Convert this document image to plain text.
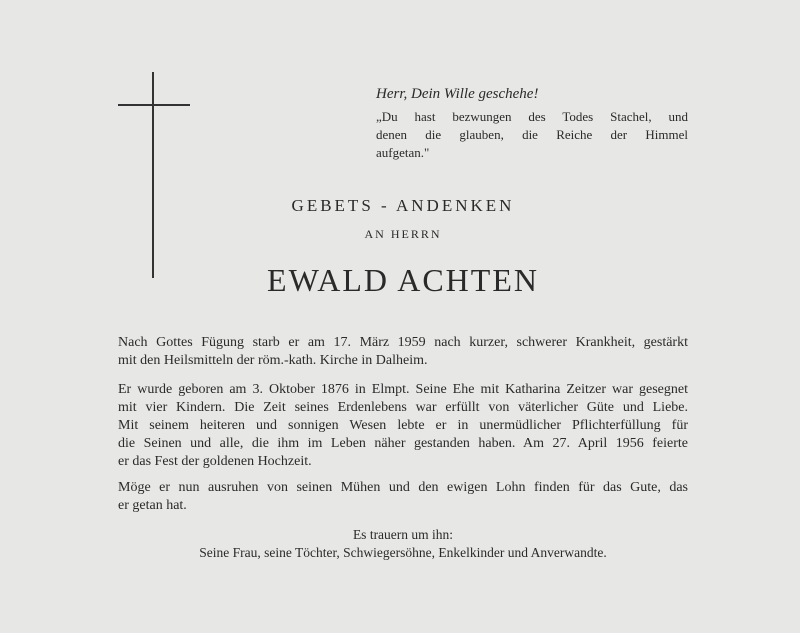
Herr, Dein Wille geschehe!
„Du hast bezwungen des Todes Stachel, und
denen die glauben, die Reiche der Himmel
aufgetan."
GEBETS - ANDENKEN
AN HERRN
EWALD ACHTEN
Nach Gottes Fügung starb er am 17. März 1959 nach kurzer, schwerer Krankheit, gestärkt
mit den Heilsmitteln der röm.-kath. Kirche in Dalheim.
Er wurde geboren am 3. Oktober 1876 in Elmpt. Seine Ehe mit Katharina Zeitzer war gesegnet
mit vier Kindern. Die Zeit seines Erdenlebens war erfüllt von väterlicher Güte und Liebe.
Mit seinem heiteren und sonnigen Wesen lebte er in unermüdlicher Pflichterfüllung für
die Seinen und alle, die ihm im Leben näher gestanden haben. Am 27. April 1956 feierte
er das Fest der goldenen Hochzeit.
Möge er nun ausruhen von seinen Mühen und den ewigen Lohn finden für das Gute, das
er getan hat.
Es trauern um ihn:
Seine Frau, seine Töchter, Schwiegersöhne, Enkelkinder und Anverwandte.
